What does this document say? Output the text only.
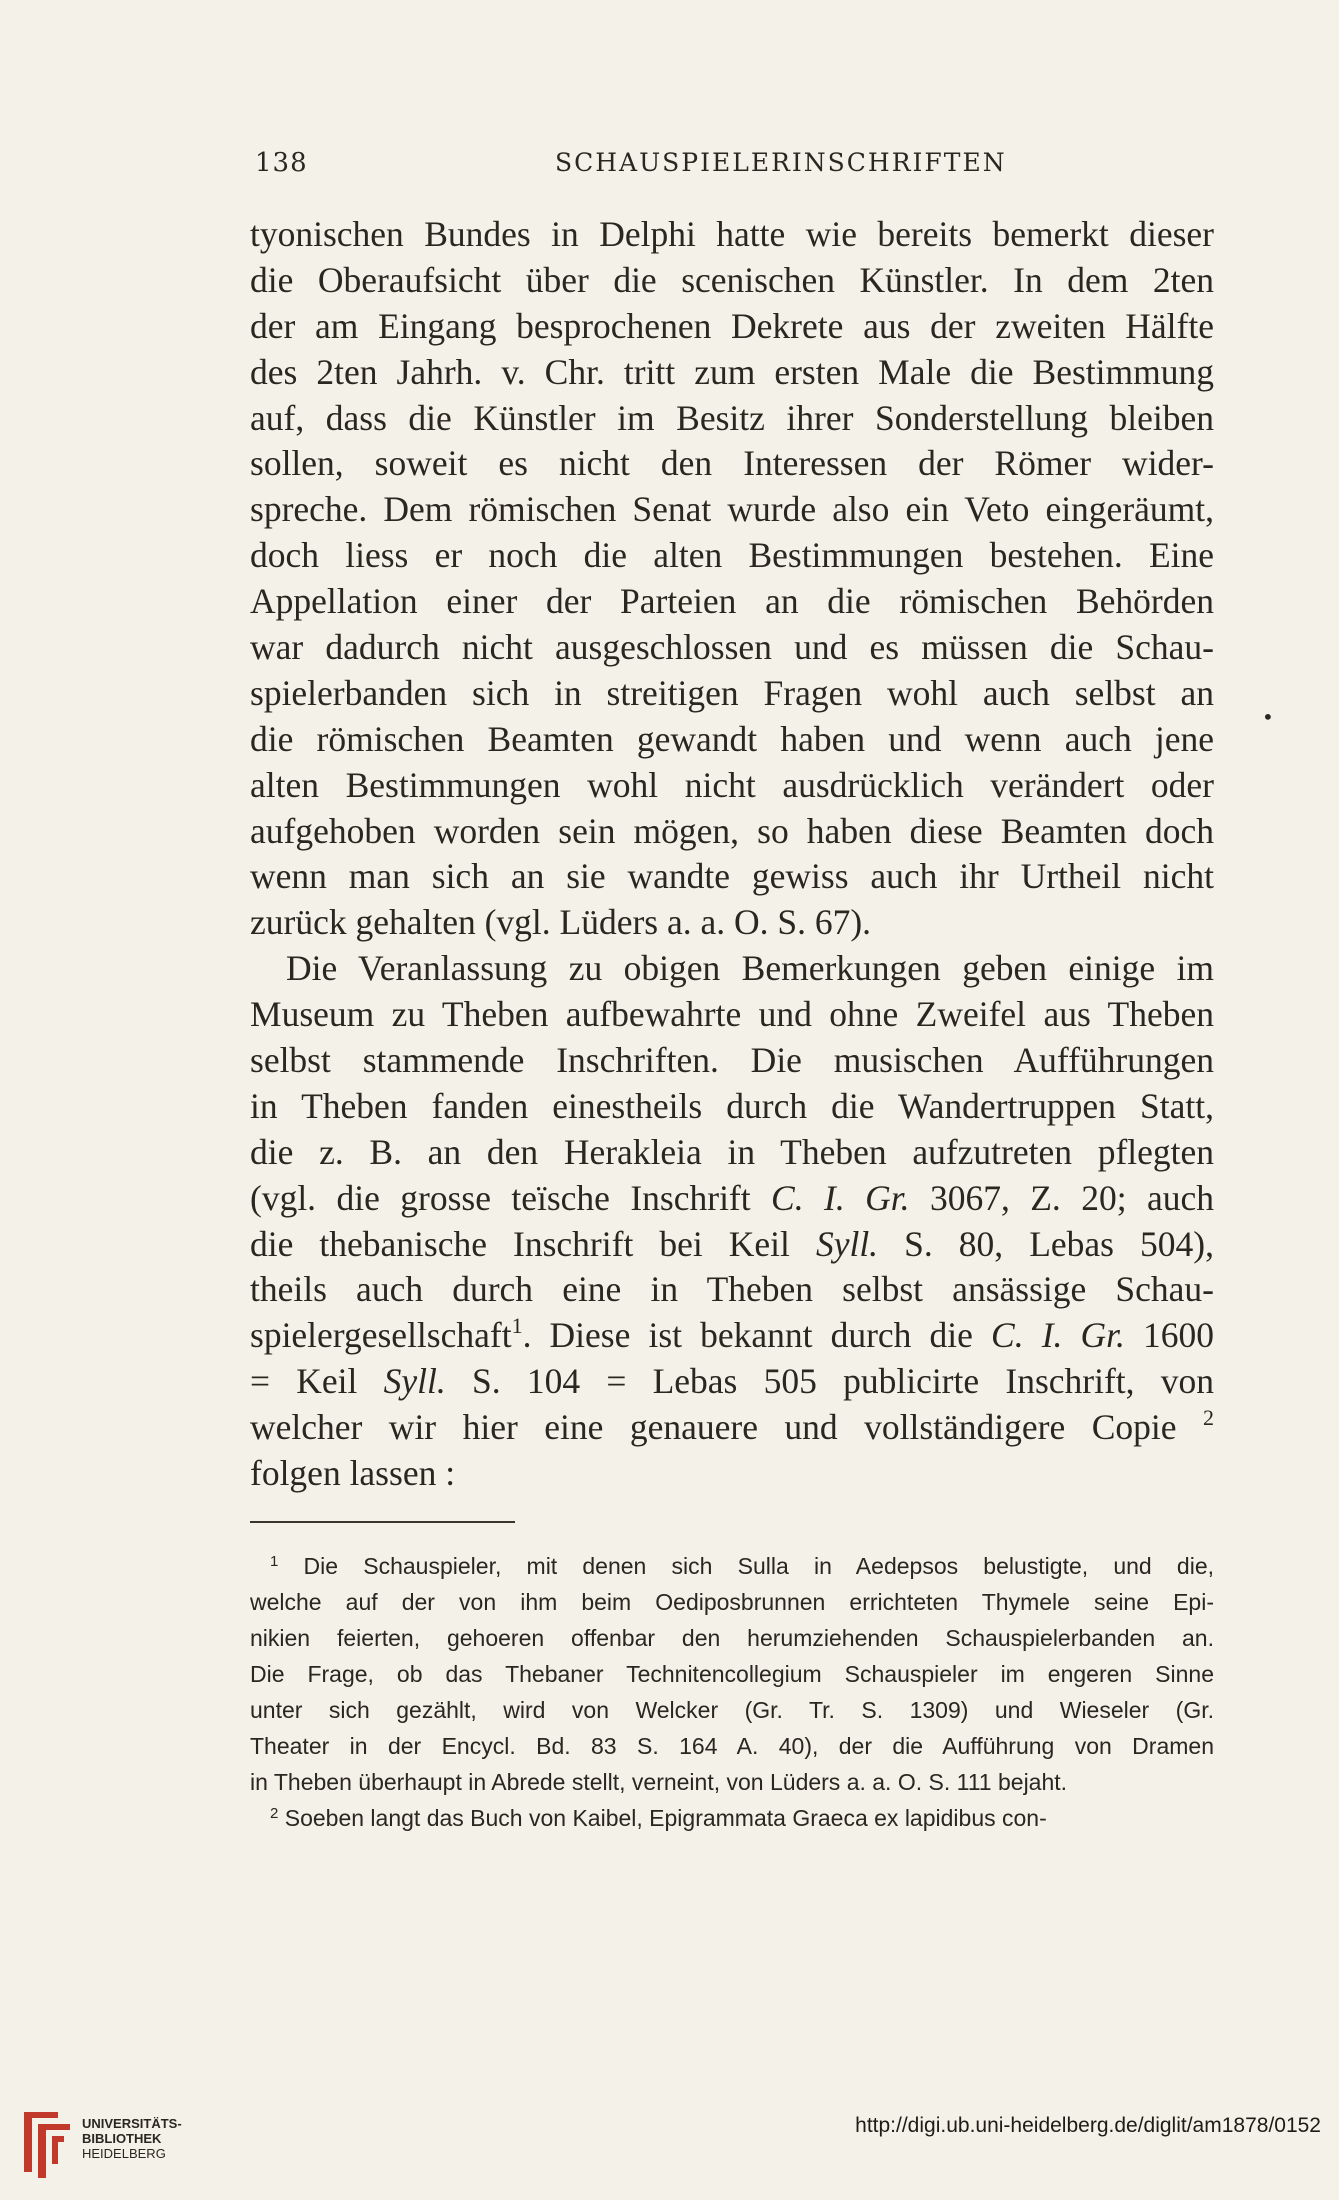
138	SCHAUSPIELERINSCHRIFTEN
tyonischen Bundes in Delphi hatte wie bereits bemerkt dieser
die Oberaufsicht über die scenischen Künstler. In dem 2ten
der am Eingang besprochenen Dekrete aus der zweiten Hälfte
des 2ten Jahrh. v. Chr. tritt zum ersten Male die Bestimmung
auf, dass die Künstler im Besitz ihrer Sonderstellung bleiben
sollen, soweit es nicht den Interessen der Römer wider-
spreche. Dem römischen Senat wurde also ein Veto eingeräumt,
doch liess er noch die alten Bestimmungen bestehen. Eine
Appellation einer der Parteien an die römischen Behörden
war dadurch nicht ausgeschlossen und es müssen die Schau-
spielerbanden sich in streitigen Fragen wohl auch selbst an
die römischen Beamten gewandt haben und wenn auch jene
alten Bestimmungen wohl nicht ausdrücklich verändert oder
aufgehoben worden sein mögen, so haben diese Beamten doch
wenn man sich an sie wandte gewiss auch ihr Urtheil nicht
zurück gehalten (vgl. Lüders a. a. O. S. 67).
Die Veranlassung zu obigen Bemerkungen geben einige im
Museum zu Theben aufbewahrte und ohne Zweifel aus Theben
selbst stammende Inschriften. Die musischen Aufführungen
in Theben fanden einestheils durch die Wandertruppen Statt,
die z. B. an den Herakleia in Theben aufzutreten pflegten
(vgl. die grosse teïsche Inschrift C. I. Gr. 3067, Z. 20; auch
die thebanische Inschrift bei Keil Syll. S. 80, Lebas 504),
theils auch durch eine in Theben selbst ansässige Schau-
spielergesellschaft$^1$. Diese ist bekannt durch die C. I. Gr. 1600
= Keil Syll. S. 104 = Lebas 505 publicirte Inschrift, von
welcher wir hier eine genauere und vollständigere Copie $^2$
folgen lassen :
•
$^1$ Die Schauspieler, mit denen sich Sulla in Aedepsos belustigte, und die,
welche auf der von ihm beim Oediposbrunnen errichteten Thymele seine Epi-
nikien feierten, gehoeren offenbar den herumziehenden Schauspielerbanden an.
Die Frage, ob das Thebaner Technitencollegium Schauspieler im engeren Sinne
unter sich gezählt, wird von Welcker (Gr. Tr. S. 1309) und Wieseler (Gr.
Theater in der Encycl. Bd. 83 S. 164 A. 40), der die Aufführung von Dramen
in Theben überhaupt in Abrede stellt, verneint, von Lüders a. a. O. S. 111 bejaht.
$^2$ Soeben langt das Buch von Kaibel, Epigrammata Graeca ex lapidibus con-
UNIVERSITÄTS-
BIBLIOTHEK
HEIDELBERG
http://digi.ub.uni-heidelberg.de/diglit/am1878/0152
